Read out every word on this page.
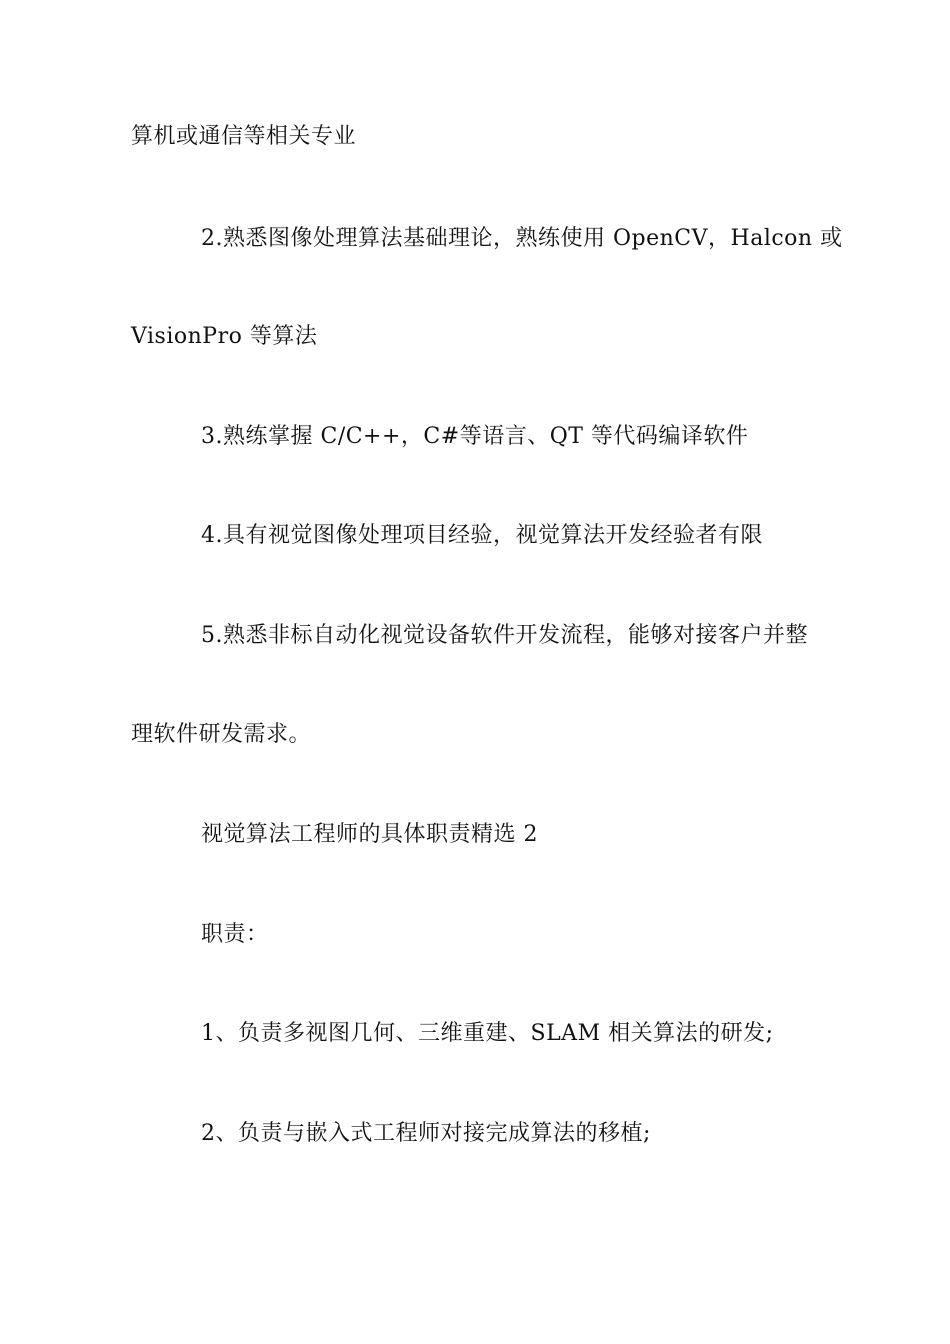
算机或通信等相关专业
2.熟悉图像处理算法基础理论，熟练使用 OpenCV，Halcon 或
VisionPro 等算法
3.熟练掌握 C/C++，C#等语言、QT 等代码编译软件
4.具有视觉图像处理项目经验，视觉算法开发经验者有限
5.熟悉非标自动化视觉设备软件开发流程，能够对接客户并整
理软件研发需求。
视觉算法工程师的具体职责精选 2
职责：
1、负责多视图几何、三维重建、SLAM 相关算法的研发;
2、负责与嵌入式工程师对接完成算法的移植;
